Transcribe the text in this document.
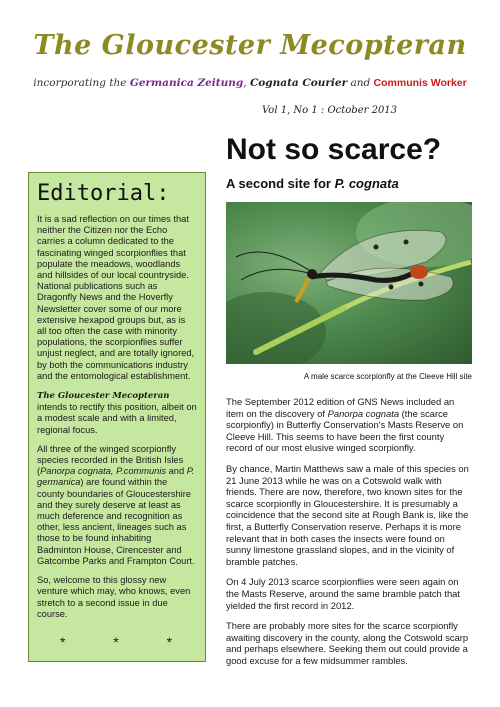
The Gloucester Mecopteran
incorporating the Germanica Zeitung, Cognata Courier and Communis Worker
Vol 1, No 1 : October 2013
Editorial:

It is a sad reflection on our times that neither the Citizen nor the Echo carries a column dedicated to the fascinating winged scorpionflies that populate the meadows, woodlands and hillsides of our local countryside. National publications such as Dragonfly News and the Hoverfly Newsletter cover some of our more extensive hexapod groups but, as is all too often the case with minority populations, the scorpionflies suffer unjust neglect, and are totally ignored, by both the communications industry and the entomological establishment.

The Gloucester Mecopteran intends to rectify this position, albeit on a modest scale and with a limited, regional focus.

All three of the winged scorpionfly species recorded in the British Isles (Panorpa cognata, P.communis and P. germanica) are found within the county boundaries of Gloucestershire and they surely deserve at least as much deference and recognition as other, less ancient, lineages such as those to be found inhabiting Badminton House, Cirencester and Gatcombe Parks and Frampton Court.

So, welcome to this glossy new venture which may, who knows, even stretch to a second issue in due course.

* * *
Not so scarce?
A second site for P. cognata
A male scarce scorpionfly at the Cleeve Hill site

The September 2012 edition of GNS News included an item on the discovery of Panorpa cognata (the scarce scorpionfly) in Butterfly Conservation's Masts Reserve on Cleeve Hill. This seems to have been the first county record of our most elusive winged scorpionfly.

By chance, Martin Matthews saw a male of this species on 21 June 2013 while he was on a Cotswold walk with friends. There are now, therefore, two known sites for the scarce scorpionfly in Gloucestershire. It is presumably a coincidence that the second site at Rough Bank is, like the first, a Butterfly Conservation reserve. Perhaps it is more relevant that in both cases the insects were found on sunny limestone grassland slopes, and in the vicinity of bramble patches.

On 4 July 2013 scarce scorpionflies were seen again on the Masts Reserve, around the same bramble patch that yielded the first record in 2012.

There are probably more sites for the scarce scorpionfly awaiting discovery in the county, along the Cotswold scarp and perhaps elsewhere. Seeking them out could provide a good excuse for a few midsummer rambles.
